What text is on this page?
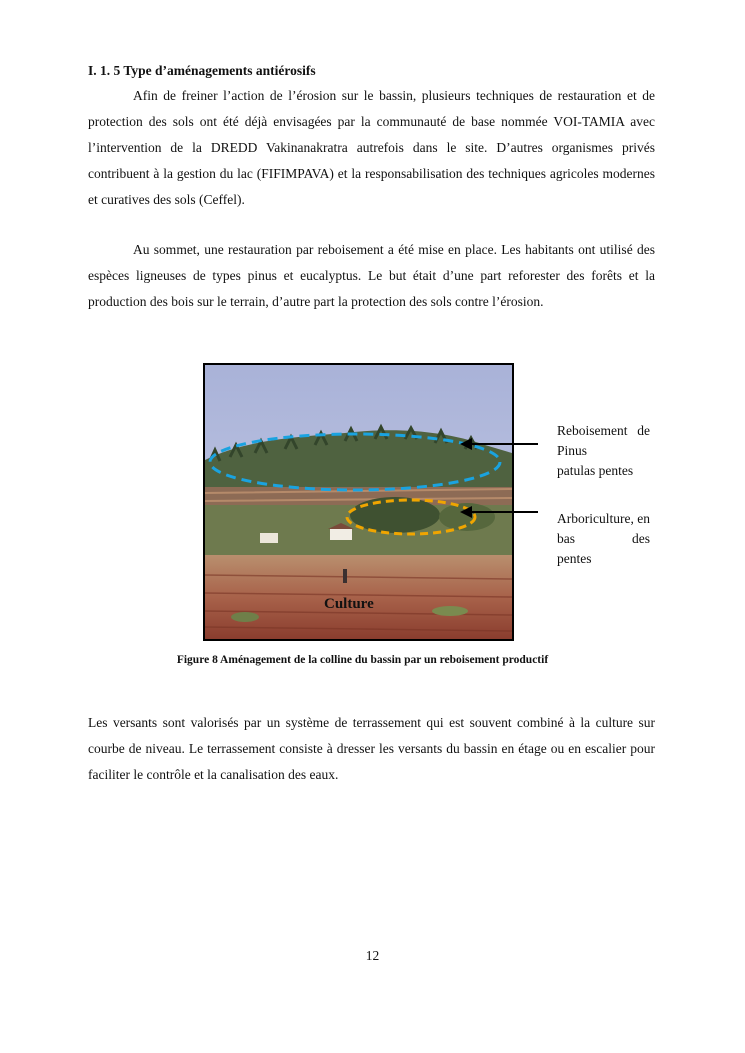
I. 1. 5 Type d’aménagements antiérosifs

Afin de freiner l’action de l’érosion sur le bassin, plusieurs techniques de restauration et de protection des sols ont été déjà envisagées par la communauté de base nommée VOI-TAMIA avec l’intervention de la DREDD Vakinanakratra autrefois dans le site. D’autres organismes privés contribuent à la gestion du lac (FIFIMPAVA) et la responsabilisation des techniques agricoles modernes et curatives des sols (Ceffel).

Au sommet, une restauration par reboisement a été mise en place. Les habitants ont utilisé des espèces ligneuses de types pinus et eucalyptus. Le but était d’une part reforester des forêts et la production des bois sur le terrain, d’autre part la protection des sols contre l’érosion.

Culture
Reboisement de Pinus
patulas pentes
Arboriculture, en bas des
pentes
Figure 8 Aménagement de la colline du bassin par un reboisement productif

Les versants sont valorisés par un système de terrassement qui est souvent combiné à la culture sur courbe de niveau. Le terrassement consiste à dresser les versants du bassin en étage ou en escalier pour faciliter le contrôle et la canalisation des eaux.

12
